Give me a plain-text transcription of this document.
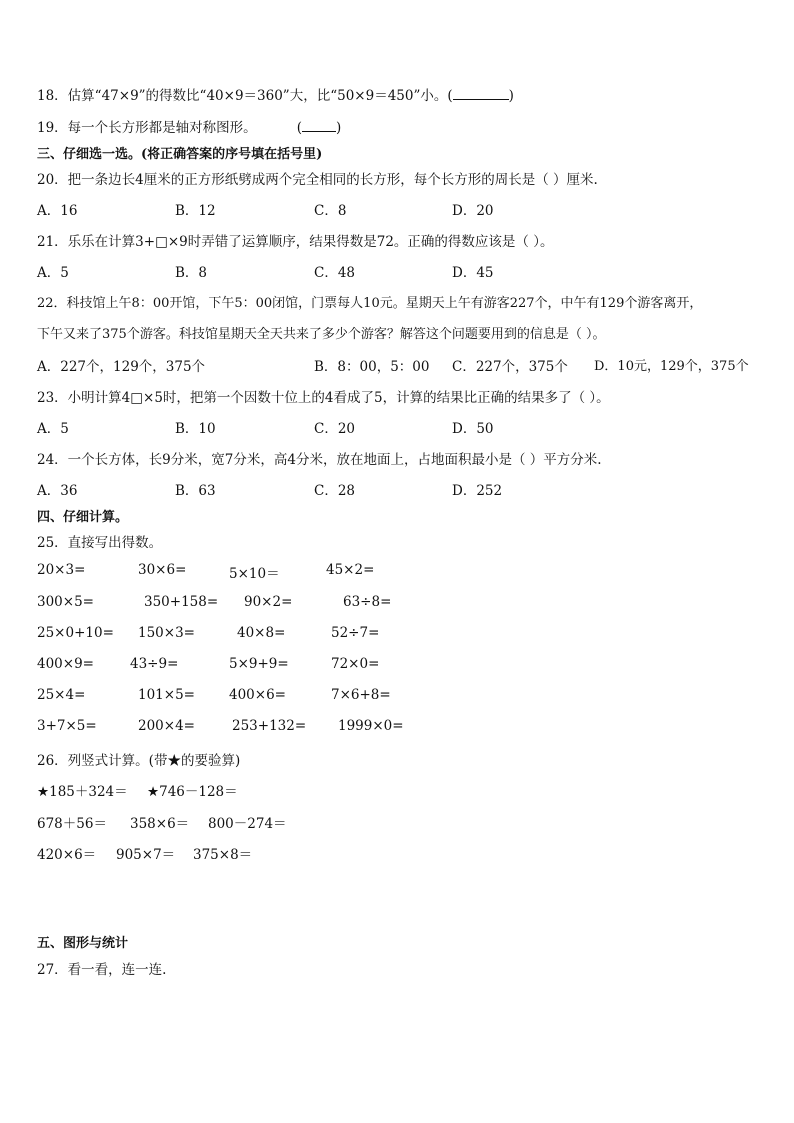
18．估算“47×9”的得数比“40×9＝360”大，比“50×9＝450”小。(	)
19．每一个长方形都是轴对称图形。	(	)
三、仔细选一选。(将正确答案的序号填在括号里)
20．把一条边长4厘米的正方形纸劈成两个完全相同的长方形，每个长方形的周长是（ ）厘米.
A．16	B．12	C．8	D．20
21．乐乐在计算3+□×9时弄错了运算顺序，结果得数是72。正确的得数应该是（ ）。
A．5	B．8	C．48	D．45
22．科技馆上午8：00开馆，下午5：00闭馆，门票每人10元。星期天上午有游客227个，中午有129个游客离开，
下午又来了375个游客。科技馆星期天全天共来了多少个游客？解答这个问题要用到的信息是（ ）。
A．227个，129个，375个	B．8：00，5：00 C．227个，375个 D．10元，129个，375个
23．小明计算4□×5时，把第一个因数十位上的4看成了5，计算的结果比正确的结果多了（ ）。
A．5	B．10	C．20	D．50
24．一个长方体，长9分米，宽7分米，高4分米，放在地面上，占地面积最小是（ ）平方分米.
A．36	B．63	C．28	D．252
四、仔细计算。
25．直接写出得数。
20×3=	30×6=	5×10＝	45×2=
300×5=	350+158= 90×2=	63÷8=
25×0+10= 150×3=	40×8=	52÷7=
400×9=	43÷9=	5×9+9=	72×0=
25×4=	101×5=	400×6=	7×6+8=
3+7×5=	200×4=	253+132= 1999×0=
26．列竖式计算。(带★的要验算)
★185＋324＝ ★746－128＝
678＋56＝ 358×6＝ 800－274＝
420×6＝ 905×7＝ 375×8＝
五、图形与统计
27．看一看，连一连.
